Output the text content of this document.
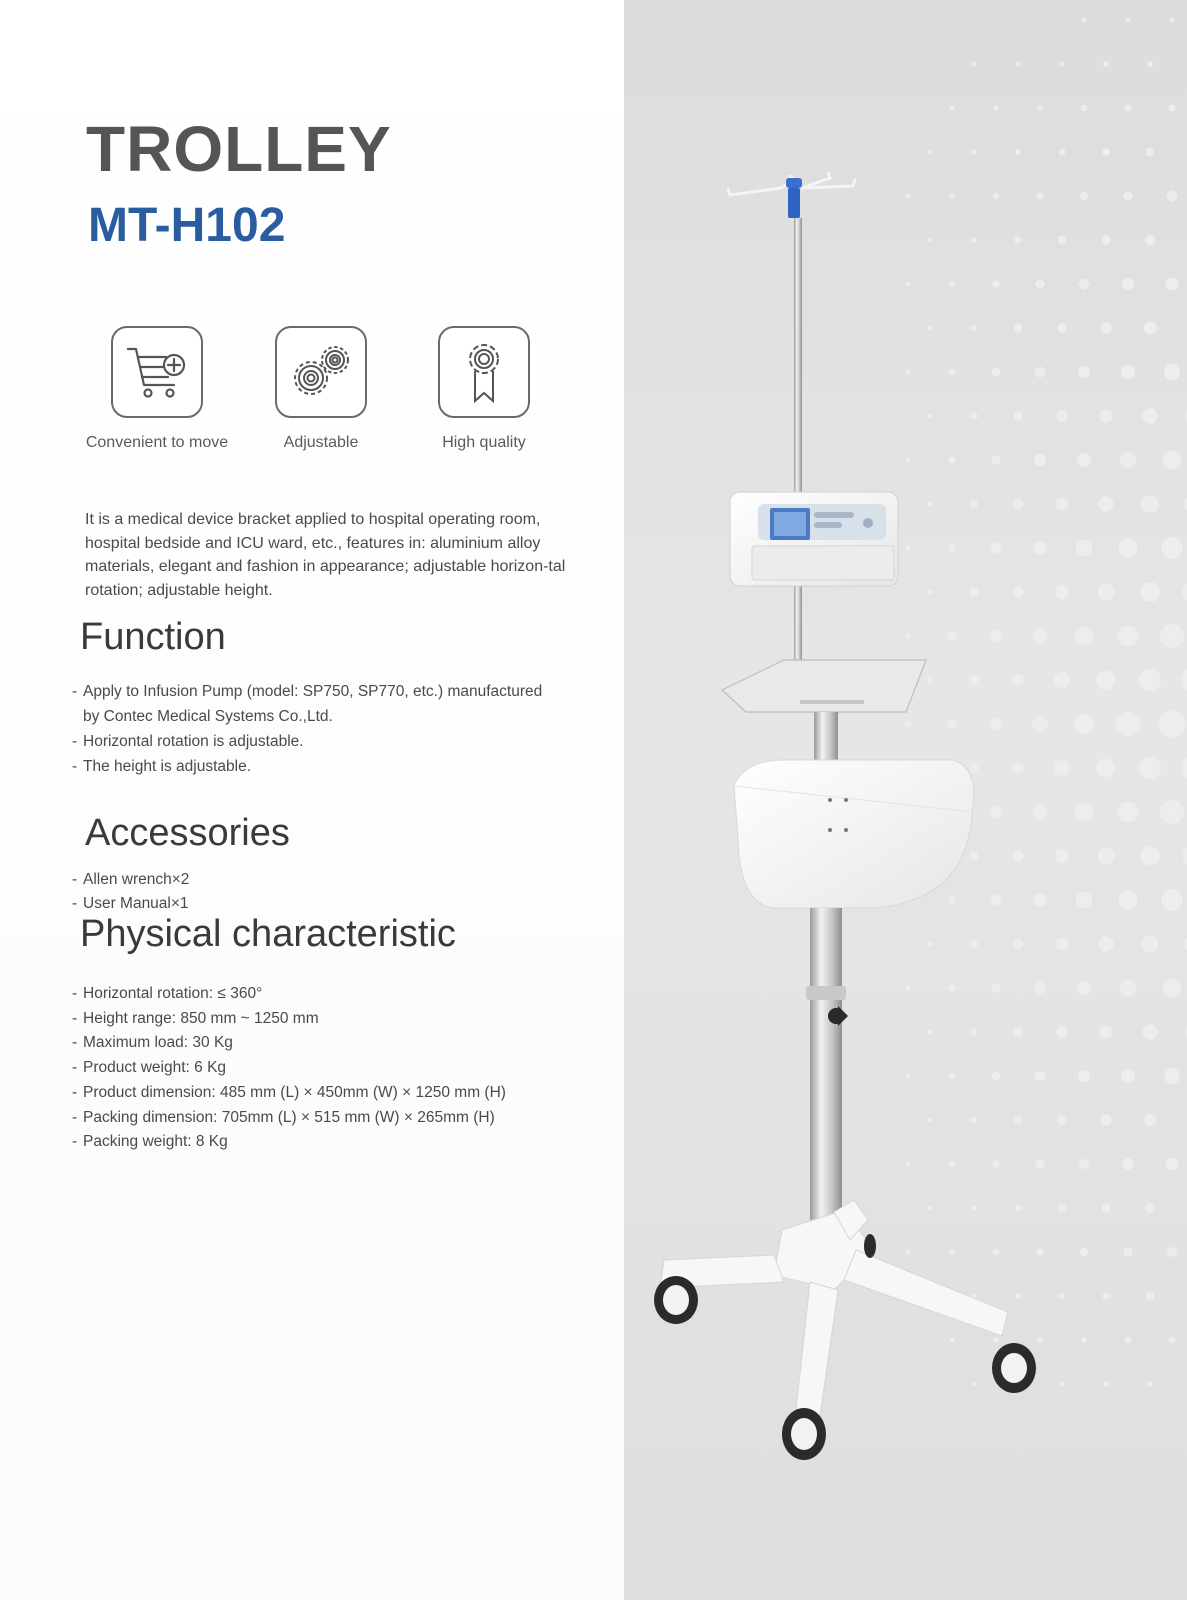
TROLLEY
MT-H102
Convenient to move	Adjustable	High quality
It is a medical device bracket applied to hospital operating room, hospital bedside and ICU ward, etc., features in: aluminium alloy materials, elegant and fashion in appearance; adjustable horizon-tal rotation; adjustable height.
Function
- Apply to Infusion Pump (model: SP750, SP770, etc.) manufactured
by Contec Medical Systems Co.,Ltd.
- Horizontal rotation is adjustable.
- The height is adjustable.
Accessories
- Allen wrench×2
- User Manual×1
Physical characteristic
- Horizontal rotation: ≤ 360°
- Height range: 850 mm ~ 1250 mm
- Maximum load: 30 Kg
- Product weight: 6 Kg
- Product dimension: 485 mm (L) × 450mm (W) × 1250 mm (H)
- Packing dimension: 705mm (L) × 515 mm (W) × 265mm (H)
- Packing weight: 8 Kg
